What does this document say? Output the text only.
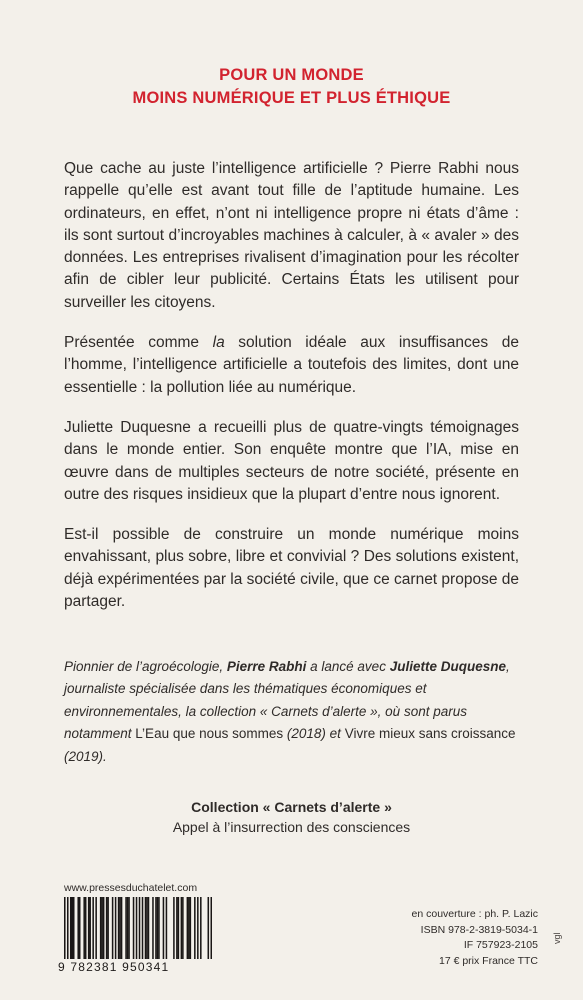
POUR UN MONDE
MOINS NUMÉRIQUE ET PLUS ÉTHIQUE

Que cache au juste l’intelligence artificielle ? Pierre Rabhi nous rappelle qu’elle est avant tout fille de l’aptitude humaine. Les ordinateurs, en effet, n’ont ni intelligence propre ni états d’âme : ils sont surtout d’incroyables machines à calculer, à « avaler » des données. Les entreprises rivalisent d’imagination pour les récolter afin de cibler leur publicité. Certains États les utilisent pour surveiller les citoyens.

Présentée comme la solution idéale aux insuffisances de l’homme, l’intelligence artificielle a toutefois des limites, dont une essentielle : la pollution liée au numérique.

Juliette Duquesne a recueilli plus de quatre-vingts témoignages dans le monde entier. Son enquête montre que l’IA, mise en œuvre dans de multiples secteurs de notre société, présente en outre des risques insidieux que la plupart d’entre nous ignorent.

Est-il possible de construire un monde numérique moins envahissant, plus sobre, libre et convivial ? Des solutions existent, déjà expérimentées par la société civile, que ce carnet propose de partager.

Pionnier de l’agroécologie, Pierre Rabhi a lancé avec Juliette Duquesne, journaliste spécialisée dans les thématiques économiques et environnementales, la collection « Carnets d’alerte », où sont parus notamment L’Eau que nous sommes (2018) et Vivre mieux sans croissance (2019).
Collection « Carnets d’alerte »
Appel à l’insurrection des consciences
www.pressesduchatelet.com
9 782381 950341
en couverture : ph. P. Lazic
ISBN 978-2-3819-5034-1
IF 757923-2105
17 € prix France TTC
vgl
